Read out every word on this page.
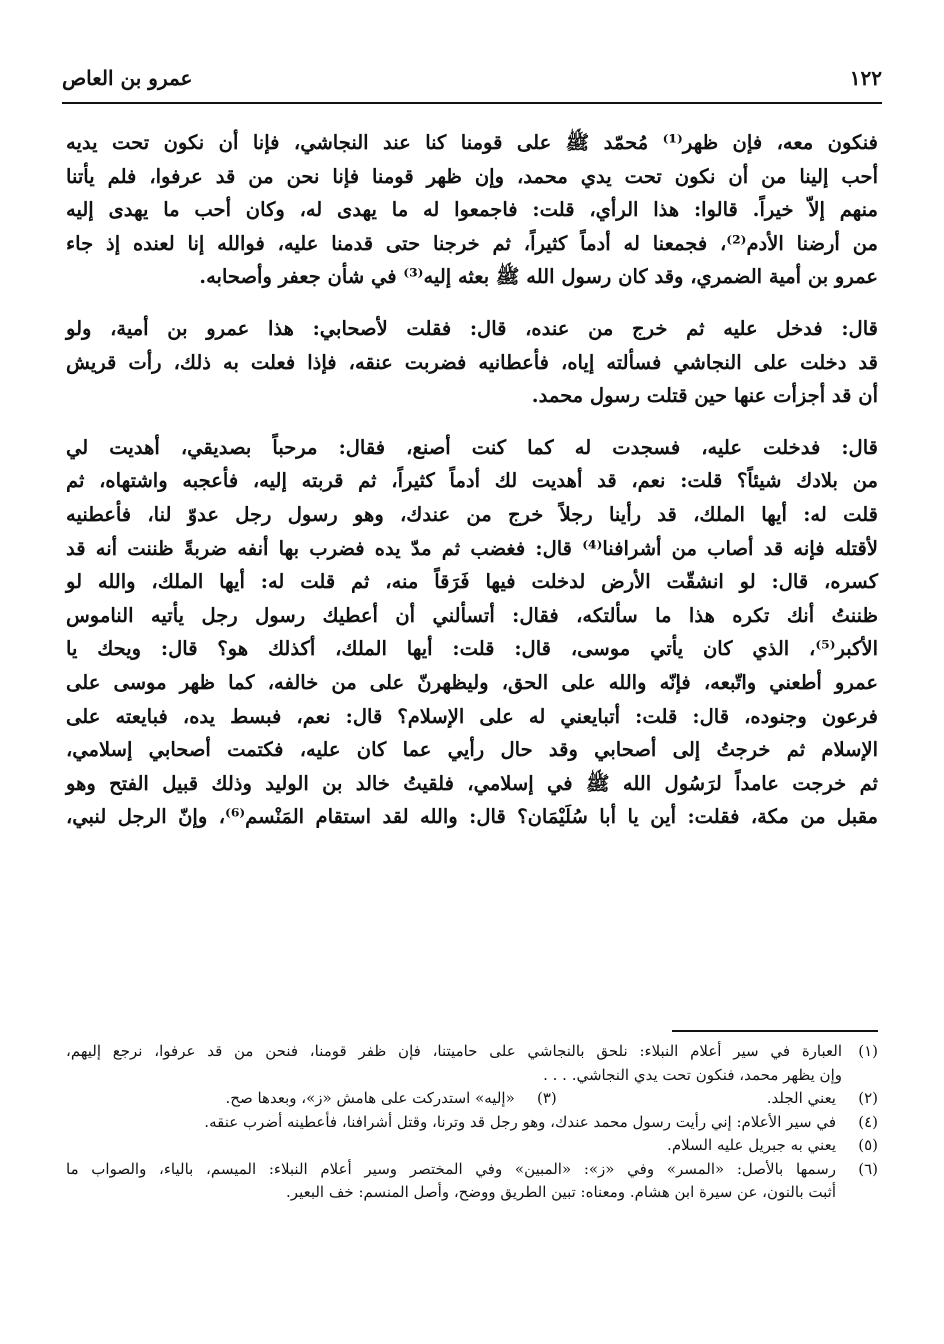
١٢٢
عمرو بن العاص

فنكون معه، فإن ظهر⁽¹⁾ مُحمّد ﷺ على قومنا كنا عند النجاشي، فإنا أن نكون تحت يديه
أحب إلينا من أن نكون تحت يدي محمد، وإن ظهر قومنا فإنا نحن من قد عرفوا، فلم يأتنا
منهم إلاّ خيراً. قالوا: هذا الرأي، قلت: فاجمعوا له ما يهدى له، وكان أحب ما يهدى إليه
من أرضنا الأدم⁽²⁾، فجمعنا له أدماً كثيراً، ثم خرجنا حتى قدمنا عليه، فوالله إنا لعنده إذ جاء
عمرو بن أمية الضمري، وقد كان رسول الله ﷺ بعثه إليه⁽³⁾ في شأن جعفر وأصحابه.

قال: فدخل عليه ثم خرج من عنده، قال: فقلت لأصحابي: هذا عمرو بن أمية، ولو
قد دخلت على النجاشي فسألته إياه، فأعطانيه فضربت عنقه، فإذا فعلت به ذلك، رأت قريش
أن قد أجزأت عنها حين قتلت رسول محمد.

قال: فدخلت عليه، فسجدت له كما كنت أصنع، فقال: مرحباً بصديقي، أهديت لي
من بلادك شيئاً؟ قلت: نعم، قد أهديت لك أدماً كثيراً، ثم قربته إليه، فأعجبه واشتهاه، ثم
قلت له: أيها الملك، قد رأينا رجلاً خرج من عندك، وهو رسول رجل عدوّ لنا، فأعطنيه
لأقتله فإنه قد أصاب من أشرافنا⁽⁴⁾ قال: فغضب ثم مدّ يده فضرب بها أنفه ضربةً ظننت أنه قد
كسره، قال: لو انشقّت الأرض لدخلت فيها فَرَقاً منه، ثم قلت له: أيها الملك، والله لو
ظننتُ أنك تكره هذا ما سألتكه، فقال: أتسألني أن أعطيك رسول رجل يأتيه الناموس
الأكبر⁽⁵⁾، الذي كان يأتي موسى، قال: قلت: أيها الملك، أكذلك هو؟ قال: ويحك يا
عمرو أطعني واتّبعه، فإنّه والله على الحق، وليظهرنّ على من خالفه، كما ظهر موسى على
فرعون وجنوده، قال: قلت: أتبايعني له على الإسلام؟ قال: نعم، فبسط يده، فبايعته على
الإسلام ثم خرجتُ إلى أصحابي وقد حال رأيي عما كان عليه، فكتمت أصحابي إسلامي،
ثم خرجت عامداً لرَسُول الله ﷺ في إسلامي، فلقيتُ خالد بن الوليد وذلك قبيل الفتح وهو
مقبل من مكة، فقلت: أين يا أبا سُلَيْمَان؟ قال: والله لقد استقام المَنْسم⁽⁶⁾، وإنّ الرجل لنبي،

(١)
العبارة في سير أعلام النبلاء: نلحق بالنجاشي على حاميتنا، فإن ظفر قومنا، فنحن من قد عرفوا، نرجع إليهم،
وإن يظهر محمد، فنكون تحت يدي النجاشي. . . .
(٢)
يعني الجلد.
(٣)
«إليه» استدركت على هامش «ز»، وبعدها صح.
(٤)
في سير الأعلام: إني رأيت رسول محمد عندك، وهو رجل قد وترنا، وقتل أشرافنا، فأعطينه أضرب عنقه.
(٥)
يعني به جبريل عليه السلام.
(٦)
رسمها بالأصل: «المسر» وفي «ز»: «المبين» وفي المختصر وسير أعلام النبلاء: الميسم، بالياء، والصواب ما
أثبت بالنون، عن سيرة ابن هشام. ومعناه: تبين الطريق ووضح، وأصل المنسم: خف البعير.
